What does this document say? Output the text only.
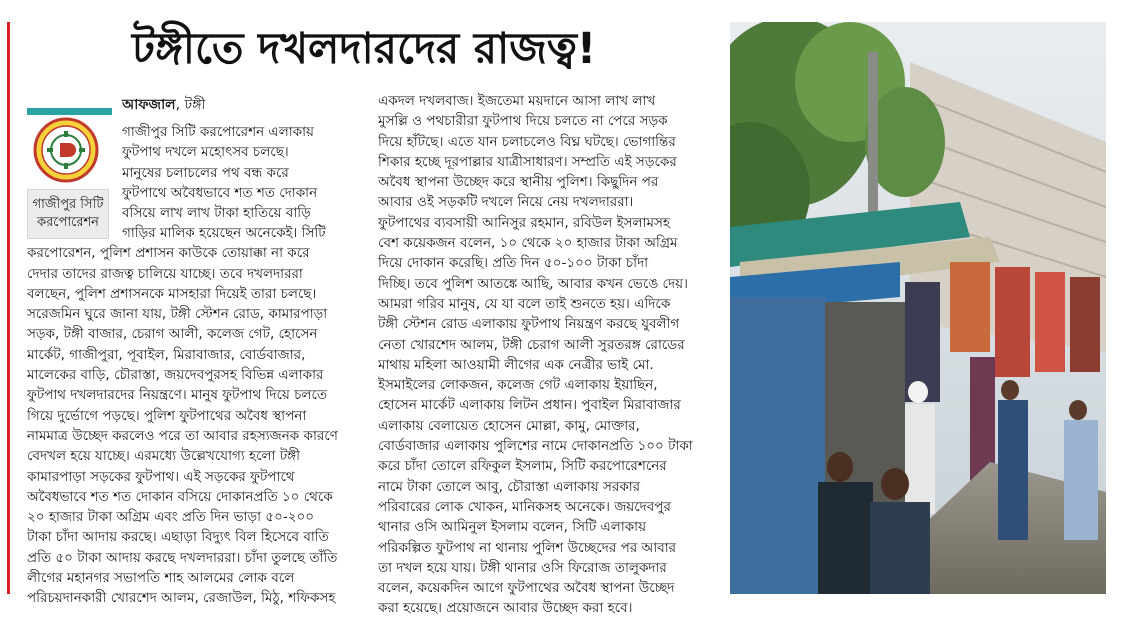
টঙ্গীতে দখলদারদের রাজত্ব!
গাজীপুর সিটি
করপোরেশন
আফজাল, টঙ্গী
গাজীপুর সিটি করপোরেশন এলাকায়
ফুটপাথ দখলে মহোৎসব চলছে।
মানুষের চলাচলের পথ বন্ধ করে
ফুটপাথে অবৈধভাবে শত শত দোকান
বসিয়ে লাখ লাখ টাকা হাতিয়ে বাড়ি
গাড়ির মালিক হয়েছেন অনেকেই। সিটি
করপোরেশন, পুলিশ প্রশাসন কাউকে তোয়াক্কা না করে
দেদার তাদের রাজত্ব চালিয়ে যাচ্ছে। তবে দখলদাররা
বলছেন, পুলিশ প্রশাসনকে মাসহারা দিয়েই তারা চলছে।
সরেজমিন ঘুরে জানা যায়, টঙ্গী স্টেশন রোড, কামারপাড়া
সড়ক, টঙ্গী বাজার, চেরাগ আলী, কলেজ গেট, হোসেন
মার্কেট, গাজীপুরা, পূবাইল, মিরাবাজার, বোর্ডবাজার,
মালেকের বাড়ি, চৌরাস্তা, জয়দেবপুরসহ বিভিন্ন এলাকার
ফুটপাথ দখলদারদের নিয়ন্ত্রণে। মানুষ ফুটপাথ দিয়ে চলতে
গিয়ে দুর্ভোগে পড়ছে। পুলিশ ফুটপাথের অবৈধ স্থাপনা
নামমাত্র উচ্ছেদ করলেও পরে তা আবার রহস্যজনক কারণে
বেদখল হয়ে যাচ্ছে। এরমধ্যে উল্লেখযোগ্য হলো টঙ্গী
কামারপাড়া সড়কের ফুটপাথ। এই সড়কের ফুটপাথে
অবৈধভাবে শত শত দোকান বসিয়ে দোকানপ্রতি ১০ থেকে
২০ হাজার টাকা অগ্রিম এবং প্রতি দিন ভাড়া ৫০-২০০
টাকা চাঁদা আদায় করছে। এছাড়া বিদ্যুৎ বিল হিসেবে বাতি
প্রতি ৫০ টাকা আদায় করছে দখলদাররা। চাঁদা তুলছে তাঁতি
লীগের মহানগর সভাপতি শাহ আলমের লোক বলে
পরিচয়দানকারী খোরশেদ আলম, রেজাউল, মিঠু, শফিকসহ
একদল দখলবাজ। ইজতেমা ময়দানে আসা লাখ লাখ
মুসল্লি ও পথচারীরা ফুটপাথ দিয়ে চলতে না পেরে সড়ক
দিয়ে হাঁটছে। এতে যান চলাচলেও বিঘ্ন ঘটছে। ভোগান্তির
শিকার হচ্ছে দূরপাল্লার যাত্রীসাধারণ। সম্প্রতি এই সড়কের
অবৈধ স্থাপনা উচ্ছেদ করে স্থানীয় পুলিশ। কিছুদিন পর
আবার ওই সড়কটি দখলে নিয়ে নেয় দখলদাররা।
ফুটপাথের ব্যবসায়ী আনিসুর রহমান, রবিউল ইসলামসহ
বেশ কয়েকজন বলেন, ১০ থেকে ২০ হাজার টাকা অগ্রিম
দিয়ে দোকান করেছি। প্রতি দিন ৫০-১০০ টাকা চাঁদা
দিচ্ছি। তবে পুলিশ আতঙ্কে আছি, আবার কখন ভেঙে দেয়।
আমরা গরিব মানুষ, যে যা বলে তাই শুনতে হয়। এদিকে
টঙ্গী স্টেশন রোড এলাকায় ফুটপাথ নিয়ন্ত্রণ করছে যুবলীগ
নেতা খোরশেদ আলম, টঙ্গী চেরাগ আলী সুরতরঙ্গ রোডের
মাথায় মহিলা আওয়ামী লীগের এক নেত্রীর ভাই মো.
ইসমাইলের লোকজন, কলেজ গেট এলাকায় ইয়াছিন,
হোসেন মার্কেট এলাকায় লিটন প্রধান। পুবাইল মিরাবাজার
এলাকায় বেলায়েত হোসেন মোল্লা, কামু, মোক্তার,
বোর্ডবাজার এলাকায় পুলিশের নামে দোকানপ্রতি ১০০ টাকা
করে চাঁদা তোলে রফিকুল ইসলাম, সিটি করপোরেশনের
নামে টাকা তোলে আবু, চৌরাস্তা এলাকায় সরকার
পরিবারের লোক খোকন, মানিকসহ অনেকে। জয়দেবপুর
থানার ওসি আমিনুল ইসলাম বলেন, সিটি এলাকায়
পরিকল্পিত ফুটপাথ না থানায় পুলিশ উচ্ছেদের পর আবার
তা দখল হয়ে যায়। টঙ্গী থানার ওসি ফিরোজ তালুকদার
বলেন, কয়েকদিন আগে ফুটপাথের অবৈধ স্থাপনা উচ্ছেদ
করা হয়েছে। প্রয়োজনে আবার উচ্ছেদ করা হবে।
